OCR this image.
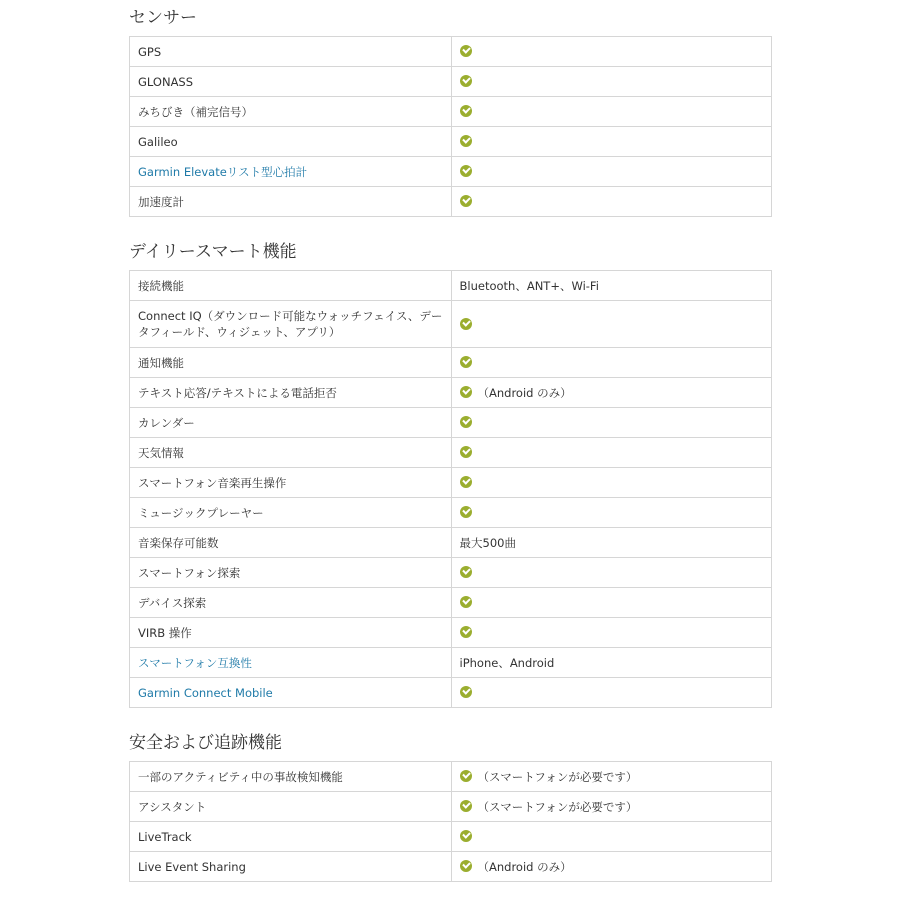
センサー
GPS	
GLONASS	
みちびき（補完信号）	
Galileo	
Garmin Elevateリスト型心拍計	
加速度計	
デイリースマート機能
接続機能	Bluetooth、ANT+、Wi-Fi
Connect IQ（ダウンロード可能なウォッチフェイス、データフィールド、ウィジェット、アプリ）	
通知機能	
テキスト応答/テキストによる電話拒否	（Android のみ）
カレンダー	
天気情報	
スマートフォン音楽再生操作	
ミュージックプレーヤー	
音楽保存可能数	最大500曲
スマートフォン探索	
デバイス探索	
VIRB 操作	
スマートフォン互換性	iPhone、Android
Garmin Connect Mobile	
安全および追跡機能
一部のアクティビティ中の事故検知機能	（スマートフォンが必要です）
アシスタント	（スマートフォンが必要です）
LiveTrack	
Live Event Sharing	（Android のみ）
